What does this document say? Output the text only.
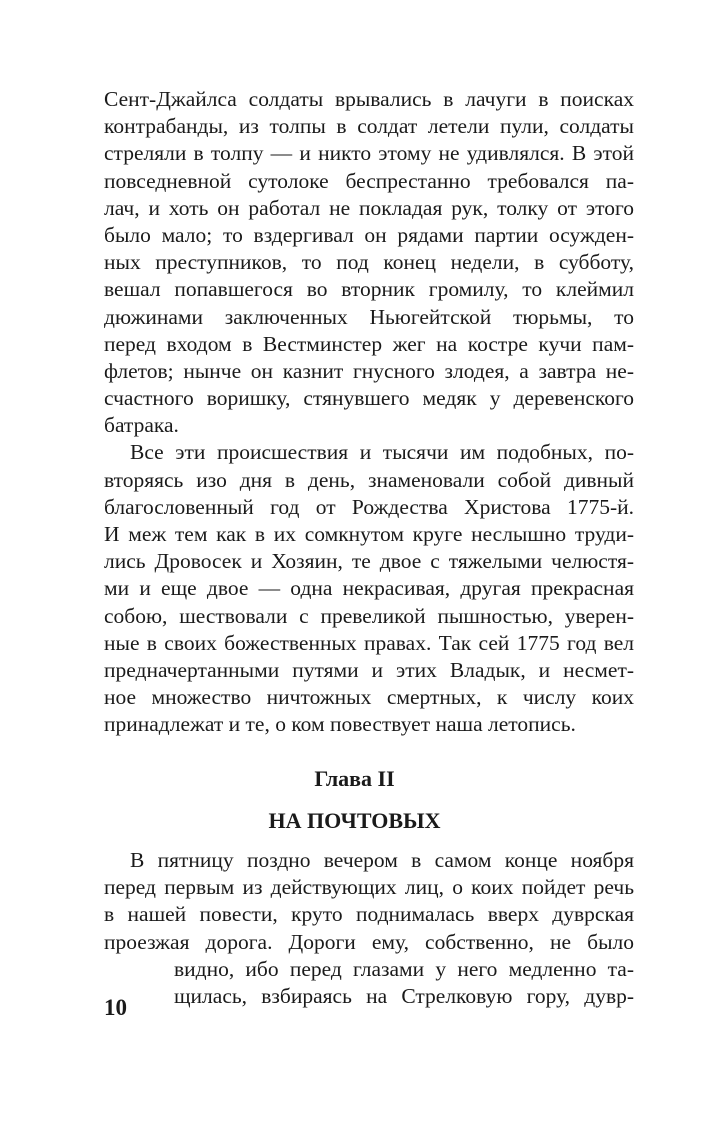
Сент-Джайлса солдаты врывались в лачуги в поисках
контрабанды, из толпы в солдат летели пули, солдаты
стреляли в толпу — и никто этому не удивлялся. В этой
повседневной сутолоке беспрестанно требовался па-
лач, и хоть он работал не покладая рук, толку от этого
было мало; то вздергивал он рядами партии осужден-
ных преступников, то под конец недели, в субботу,
вешал попавшегося во вторник громилу, то клеймил
дюжинами заключенных Ньюгейтской тюрьмы, то
перед входом в Вестминстер жег на костре кучи пам-
флетов; нынче он казнит гнусного злодея, а завтра не-
счастного воришку, стянувшего медяк у деревенского
батрака.
Все эти происшествия и тысячи им подобных, по-
вторяясь изо дня в день, знаменовали собой дивный
благословенный год от Рождества Христова 1775-й.
И меж тем как в их сомкнутом круге неслышно труди-
лись Дровосек и Хозяин, те двое с тяжелыми челюстя-
ми и еще двое — одна некрасивая, другая прекрасная
собою, шествовали с превеликой пышностью, уверен-
ные в своих божественных правах. Так сей 1775 год вел
предначертанными путями и этих Владык, и несмет-
ное множество ничтожных смертных, к числу коих
принадлежат и те, о ком повествует наша летопись.
Глава II
НА ПОЧТОВЫХ
В пятницу поздно вечером в самом конце ноября
перед первым из действующих лиц, о коих пойдет речь
в нашей повести, круто поднималась вверх дуврская
проезжая дорога. Дороги ему, собственно, не было
видно, ибо перед глазами у него медленно та-
щилась, взбираясь на Стрелковую гору, дувр-
10
